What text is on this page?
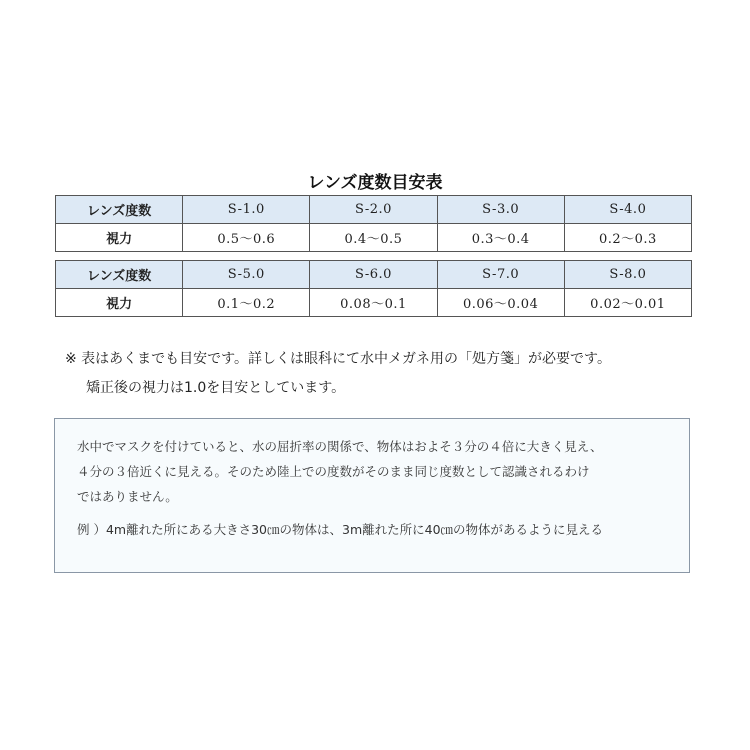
レンズ度数目安表
レンズ度数	S-1.0	S-2.0	S-3.0	S-4.0
視力	0.5〜0.6	0.4〜0.5	0.3〜0.4	0.2〜0.3
レンズ度数	S-5.0	S-6.0	S-7.0	S-8.0
視力	0.1〜0.2	0.08〜0.1	0.06〜0.04	0.02〜0.01
※ 表はあくまでも目安です。詳しくは眼科にて水中メガネ用の「処方箋」が必要です。
矯正後の視力は1.0を目安としています。
水中でマスクを付けていると、水の屈折率の関係で、物体はおよそ３分の４倍に大きく見え、
４分の３倍近くに見える。そのため陸上での度数がそのまま同じ度数として認識されるわけ
ではありません。
例 ）4m離れた所にある大きさ30㎝の物体は、3m離れた所に40㎝の物体があるように見える
